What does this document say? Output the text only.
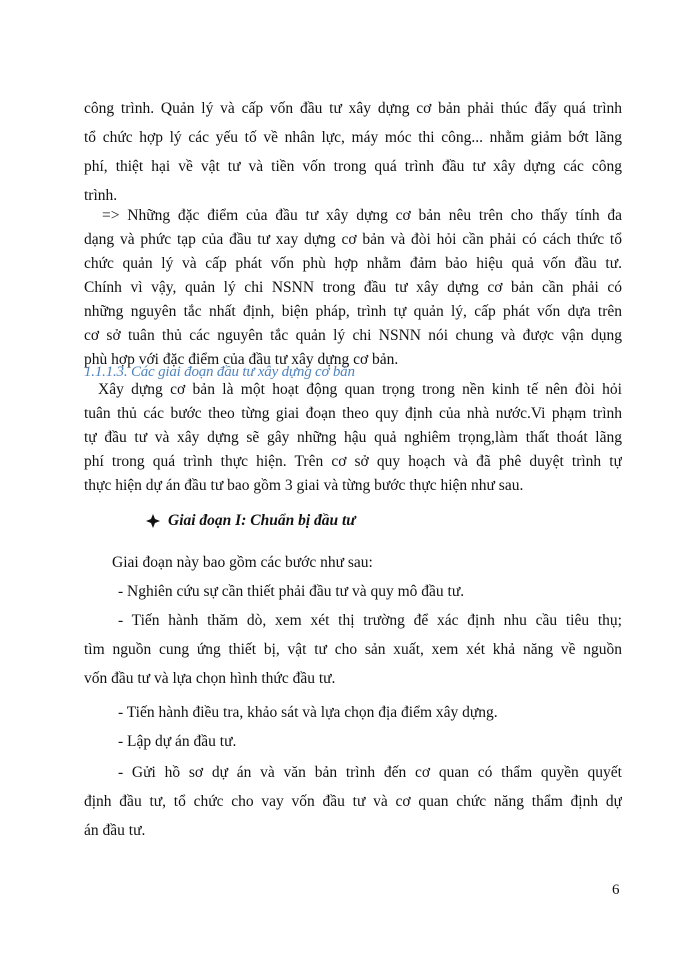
công trình. Quản lý và cấp vốn đầu tư xây dựng cơ bản phải thúc đẩy quá trình
tổ chức hợp lý các yếu tố về nhân lực, máy móc thi công... nhằm giảm bớt lãng
phí, thiệt hại về vật tư và tiền vốn trong quá trình đầu tư xây dựng các công
trình.
=> Những đặc điểm của đầu tư xây dựng cơ bản nêu trên cho thấy tính đa
dạng và phức tạp của đầu tư xay dựng cơ bản và đòi hỏi cần phải có cách thức tổ
chức quản lý và cấp phát vốn phù hợp nhằm đảm bảo hiệu quả vốn đầu tư.
Chính vì vậy, quản lý chi NSNN trong đầu tư xây dựng cơ bản cần phải có
những nguyên tắc nhất định, biện pháp, trình tự quản lý, cấp phát vốn dựa trên
cơ sở tuân thủ các nguyên tắc quản lý chi NSNN nói chung và được vận dụng
phù hợp với đặc điểm của đầu tư xây dựng cơ bản.
1.1.1.3. Các giai đoạn đầu tư xây dựng cơ bản
Xây dựng cơ bản là một hoạt động quan trọng trong nền kinh tế nên đòi hỏi
tuân thủ các bước theo từng giai đoạn theo quy định của nhà nước.Vi phạm trình
tự đầu tư và xây dựng sẽ gây những hậu quả nghiêm trọng,làm thất thoát lãng
phí trong quá trình thực hiện. Trên cơ sở quy hoạch và đã phê duyệt trình tự
thực hiện dự án đầu tư bao gồm 3 giai và từng bước thực hiện như sau.
Giai đoạn I: Chuẩn bị đầu tư
Giai đoạn này bao gồm các bước như sau:
- Nghiên cứu sự cần thiết phải đầu tư và quy mô đầu tư.
- Tiến hành thăm dò, xem xét thị trường để xác định nhu cầu tiêu thụ;
tìm nguồn cung ứng thiết bị, vật tư cho sản xuất, xem xét khả năng về nguồn
vốn đầu tư và lựa chọn hình thức đầu tư.
- Tiến hành điều tra, khảo sát và lựa chọn địa điểm xây dựng.
- Lập dự án đầu tư.
- Gửi hồ sơ dự án và văn bản trình đến cơ quan có thẩm quyền quyết
định đầu tư, tổ chức cho vay vốn đầu tư và cơ quan chức năng thẩm định dự
án đầu tư.
6
